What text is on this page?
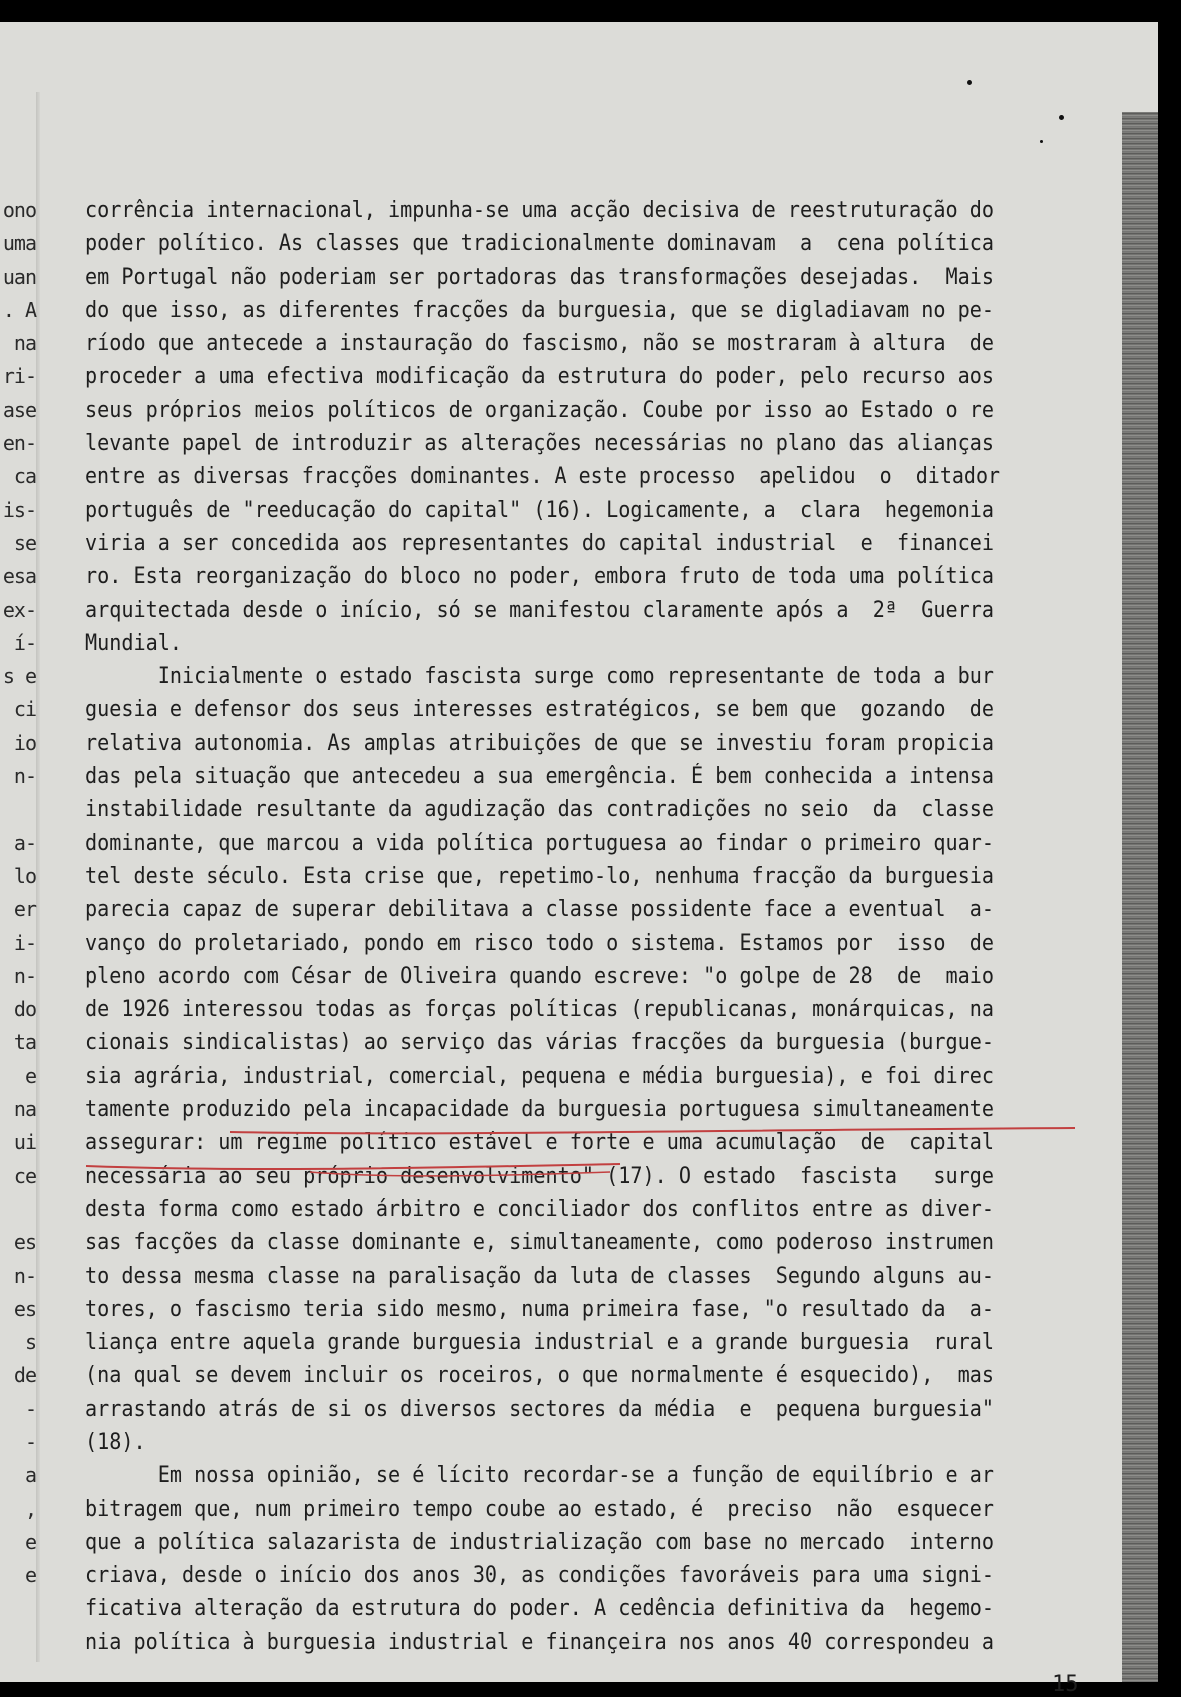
ono
uma
uan
. A
na
ri-
ase
en-
ca
is-
se
esa
ex-
í-
s e
ci
io
n-
a-
lo
er
i-
n-
do
ta
e
na
ui
ce
es
n-
es
s
de
-
-
a
,
e
e
corrência internacional, impunha-se uma acção decisiva de reestruturação do
poder político. As classes que tradicionalmente dominavam  a  cena política
em Portugal não poderiam ser portadoras das transformações desejadas.  Mais
do que isso, as diferentes fracções da burguesia, que se digladiavam no pe-
ríodo que antecede a instauração do fascismo, não se mostraram à altura  de
proceder a uma efectiva modificação da estrutura do poder, pelo recurso aos
seus próprios meios políticos de organização. Coube por isso ao Estado o re
levante papel de introduzir as alterações necessárias no plano das alianças
entre as diversas fracções dominantes. A este processo  apelidou  o  ditador
português de "reeducação do capital" (16). Logicamente, a  clara  hegemonia
viria a ser concedida aos representantes do capital industrial  e  financei
ro. Esta reorganização do bloco no poder, embora fruto de toda uma política
arquitectada desde o início, só se manifestou claramente após a  2ª  Guerra
Mundial.
Inicialmente o estado fascista surge como representante de toda a bur
guesia e defensor dos seus interesses estratégicos, se bem que  gozando  de
relativa autonomia. As amplas atribuições de que se investiu foram propicia
das pela situação que antecedeu a sua emergência. É bem conhecida a intensa
instabilidade resultante da agudização das contradições no seio  da  classe
dominante, que marcou a vida política portuguesa ao findar o primeiro quar-
tel deste século. Esta crise que, repetimo-lo, nenhuma fracção da burguesia
parecia capaz de superar debilitava a classe possidente face a eventual  a-
vanço do proletariado, pondo em risco todo o sistema. Estamos por  isso  de
pleno acordo com César de Oliveira quando escreve: "o golpe de 28  de  maio
de 1926 interessou todas as forças políticas (republicanas, monárquicas, na
cionais sindicalistas) ao serviço das várias fracções da burguesia (burgue-
sia agrária, industrial, comercial, pequena e média burguesia), e foi direc
tamente produzido pela incapacidade da burguesia portuguesa simultaneamente
assegurar: um regime político estável e forte e uma acumulação  de  capital
necessária ao seu próprio desenvolvimento" (17). O estado  fascista   surge
desta forma como estado árbitro e conciliador dos conflitos entre as diver-
sas facções da classe dominante e, simultaneamente, como poderoso instrumen
to dessa mesma classe na paralisação da luta de classes  Segundo alguns au-
tores, o fascismo teria sido mesmo, numa primeira fase, "o resultado da  a-
liança entre aquela grande burguesia industrial e a grande burguesia  rural
(na qual se devem incluir os roceiros, o que normalmente é esquecido),  mas
arrastando atrás de si os diversos sectores da média  e  pequena burguesia"
(18).
Em nossa opinião, se é lícito recordar-se a função de equilíbrio e ar
bitragem que, num primeiro tempo coube ao estado, é  preciso  não  esquecer
que a política salazarista de industrialização com base no mercado  interno
criava, desde o início dos anos 30, as condições favoráveis para uma signi-
ficativa alteração da estrutura do poder. A cedência definitiva da  hegemo-
nia política à burguesia industrial e finançeira nos anos 40 correspondeu a
15
